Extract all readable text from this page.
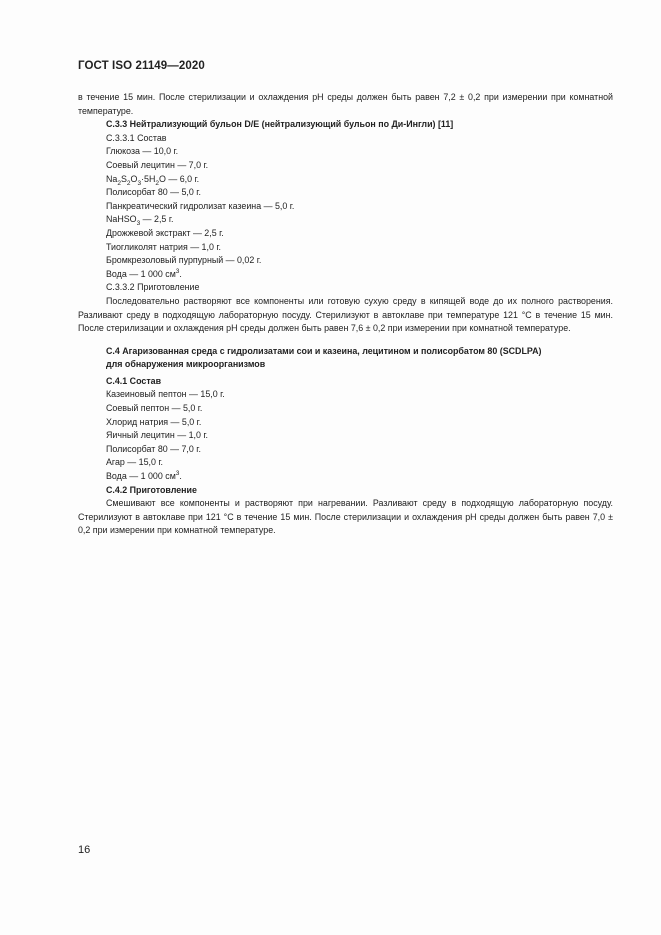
ГОСТ ISO 21149—2020

в течение 15 мин. После стерилизации и охлаждения pH среды должен быть равен 7,2 ± 0,2 при измерении при комнатной температуре.

С.3.3 Нейтрализующий бульон D/E (нейтрализующий бульон по Ди-Ингли) [11]

С.3.3.1 Состав

Глюкоза — 10,0 г.

Соевый лецитин — 7,0 г.

$Na_2S_2O_3\cdot 5H_2O$ — 6,0 г.

Полисорбат 80 — 5,0 г.

Панкреатический гидролизат казеина — 5,0 г.

NaHSO$_3$ — 2,5 г.

Дрожжевой экстракт — 2,5 г.

Тиогликолят натрия — 1,0 г.

Бромкрезоловый пурпурный — 0,02 г.

Вода — 1 000 $см^3$.

С.3.3.2 Приготовление

Последовательно растворяют все компоненты или готовую сухую среду в кипящей воде до их полного растворения. Разливают среду в подходящую лабораторную посуду. Стерилизуют в автоклаве при температуре 121 °С в течение 15 мин. После стерилизации и охлаждения pH среды должен быть равен 7,6 ± 0,2 при измерении при комнатной температуре.

С.4 Агаризованная среда с гидролизатами сои и казеина, лецитином и полисорбатом 80 (SCDLPA)

для обнаружения микроорганизмов

С.4.1 Состав

Казеиновый пептон — 15,0 г.

Соевый пептон — 5,0 г.

Хлорид натрия — 5,0 г.

Яичный лецитин — 1,0 г.

Полисорбат 80 — 7,0 г.

Агар — 15,0 г.

Вода — 1 000 $см^3$.

С.4.2 Приготовление

Смешивают все компоненты и растворяют при нагревании. Разливают среду в подходящую лабораторную посуду. Стерилизуют в автоклаве при 121 °С в течение 15 мин. После стерилизации и охлаждения pH среды должен быть равен 7,0 ± 0,2 при измерении при комнатной температуре.

16
